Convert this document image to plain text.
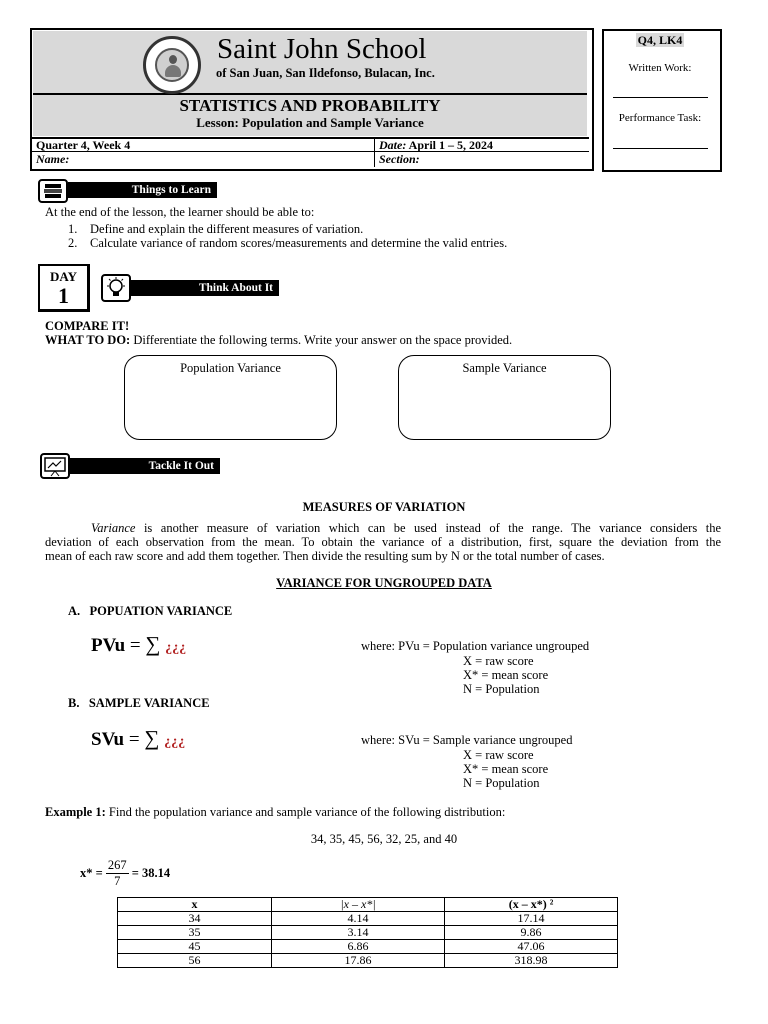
Saint John School
of San Juan, San Ildefonso, Bulacan, Inc.
STATISTICS AND PROBABILITY
Lesson: Population and Sample Variance
Quarter 4, Week 4	Date: April 1 – 5, 2024
Name:	Section:
Q4, LK4
Written Work:
Performance Task:
Things to Learn
At the end of the lesson, the learner should be able to:
1. Define and explain the different measures of variation.
2. Calculate variance of random scores/measurements and determine the valid entries.
DAY
1	Think About It
COMPARE IT!
WHAT TO DO: Differentiate the following terms. Write your answer on the space provided.
Population Variance	Sample Variance
Tackle It Out
MEASURES OF VARIATION
Variance is another measure of variation which can be used instead of the range. The variance considers the
deviation of each observation from the mean. To obtain the variance of a distribution, first, square the deviation from the
mean of each raw score and add them together. Then divide the resulting sum by N or the total number of cases.
VARIANCE FOR UNGROUPED DATA
A.   POPUATION VARIANCE
PVu = ∑ ¿¿¿	where: PVu = Population variance ungrouped
X = raw score
X* = mean score
N = Population
B.   SAMPLE VARIANCE
SVu = ∑ ¿¿¿	where: SVu = Sample variance ungrouped
X = raw score
X* = mean score
N = Population
Example 1: Find the population variance and sample variance of the following distribution:
34, 35, 45, 56, 32, 25, and 40
$x* = \frac{267}{7} = 38.14$
x	|x – x*|	(x – x*) ²
34	4.14	17.14
35	3.14	9.86
45	6.86	47.06
56	17.86	318.98
